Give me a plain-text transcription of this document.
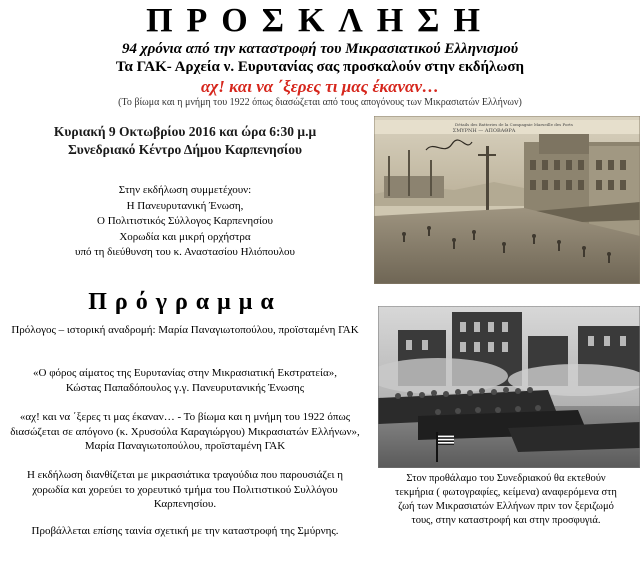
ΠΡΟΣΚΛΗΣΗ
94 χρόνια από την καταστροφή του Μικρασιατικού Ελληνισμού
Τα ΓΑΚ- Αρχεία ν. Ευρυτανίας σας προσκαλούν στην εκδήλωση
αχ! και να ΄ξερες τι μας έκαναν…
(Το βίωμα και η μνήμη του 1922 όπως διασώζεται από τους απογόνους των Μικρασιατών Ελλήνων)
Κυριακή 9 Οκτωβρίου 2016 και ώρα 6:30 μ.μ
Συνεδριακό Κέντρο Δήμου Καρπενησίου
Στην εκδήλωση συμμετέχουν:
Η Πανευρυτανική Ένωση,
Ο Πολιτιστικός Σύλλογος Καρπενησίου
Χορωδία και μικρή ορχήστρα
υπό τη διεύθυνση του κ. Αναστασίου Ηλιόπουλου
Πρόγραμμα
Πρόλογος – ιστορική αναδρομή: Μαρία Παναγιωτοπούλου, προϊσταμένη ΓΑΚ
«Ο φόρος αίματος της Ευρυτανίας στην Μικρασιατική Εκστρατεία»,
Κώστας Παπαδόπουλος γ.γ. Πανευρυτανικής Ένωσης
«αχ! και να ΄ξερες τι μας έκαναν… - Το βίωμα και η μνήμη του 1922 όπως
διασώζεται σε απόγονο (κ. Χρυσούλα Καραγιώργου) Μικρασιατών Ελλήνων»,
Μαρία Παναγιωτοπούλου, προϊσταμένη ΓΑΚ
Η εκδήλωση διανθίζεται με μικρασιάτικα τραγούδια που παρουσιάζει η
χορωδία και χορεύει το χορευτικό τμήμα του Πολιτιστικού Συλλόγου
Καρπενησίου.
Προβάλλεται επίσης ταινία σχετική με την καταστροφή της Σμύρνης.
Détails des Batteries de la Compagnie Marseille des Ports
ΣΜΥΡΝΗ — ΑΠΟΒΑΘΡΑ
Στον προθάλαμο του Συνεδριακού θα εκτεθούν
τεκμήρια ( φωτογραφίες, κείμενα) αναφερόμενα στη
ζωή των Μικρασιατών Ελλήνων πριν τον ξεριζωμό
τους, στην καταστροφή και στην προσφυγιά.
